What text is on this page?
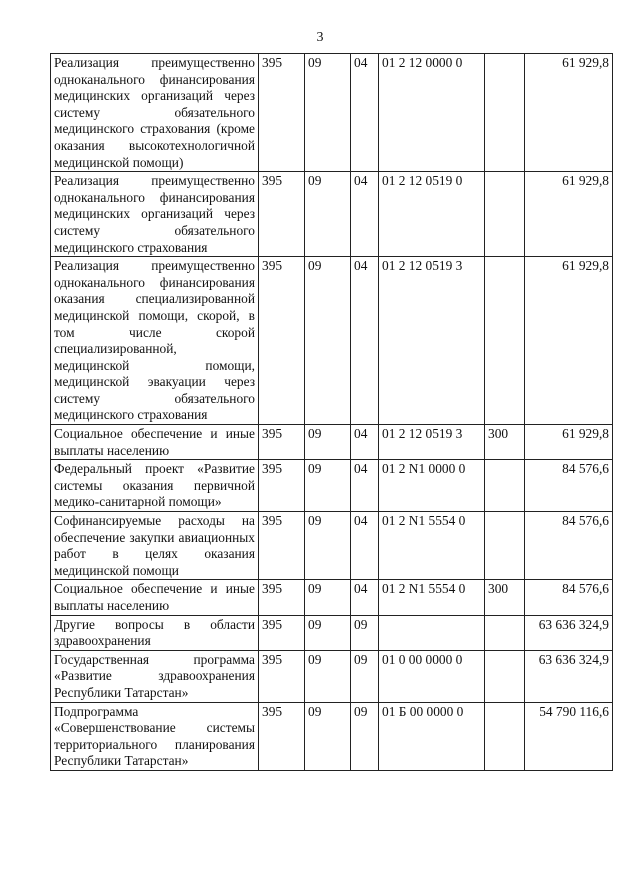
3
Реализация преимущественно одноканального финансирования медицинских организаций через систему обязательного медицинского страхования (кроме оказания высокотехнологичной медицинской помощи)	395	09	04	01 2 12 0000 0		61 929,8
Реализация преимущественно одноканального финансирования медицинских организаций через систему обязательного медицинского страхования	395	09	04	01 2 12 0519 0		61 929,8
Реализация преимущественно одноканального финансирования оказания специализированной медицинской помощи, скорой, в том числе скорой специализированной, медицинской помощи, медицинской эвакуации через систему обязательного медицинского страхования	395	09	04	01 2 12 0519 3		61 929,8
Социальное обеспечение и иные выплаты населению	395	09	04	01 2 12 0519 3	300	61 929,8
Федеральный проект «Развитие системы оказания первичной медико-санитарной помощи»	395	09	04	01 2 N1 0000 0		84 576,6
Софинансируемые расходы на обеспечение закупки авиационных работ в целях оказания медицинской помощи	395	09	04	01 2 N1 5554 0		84 576,6
Социальное обеспечение и иные выплаты населению	395	09	04	01 2 N1 5554 0	300	84 576,6
Другие вопросы в области здравоохранения	395	09	09			63 636 324,9
Государственная программа «Развитие здравоохранения Республики Татарстан»	395	09	09	01 0 00 0000 0		63 636 324,9
Подпрограмма «Совершенствование системы территориального планирования Республики Татарстан»	395	09	09	01 Б 00 0000 0		54 790 116,6
